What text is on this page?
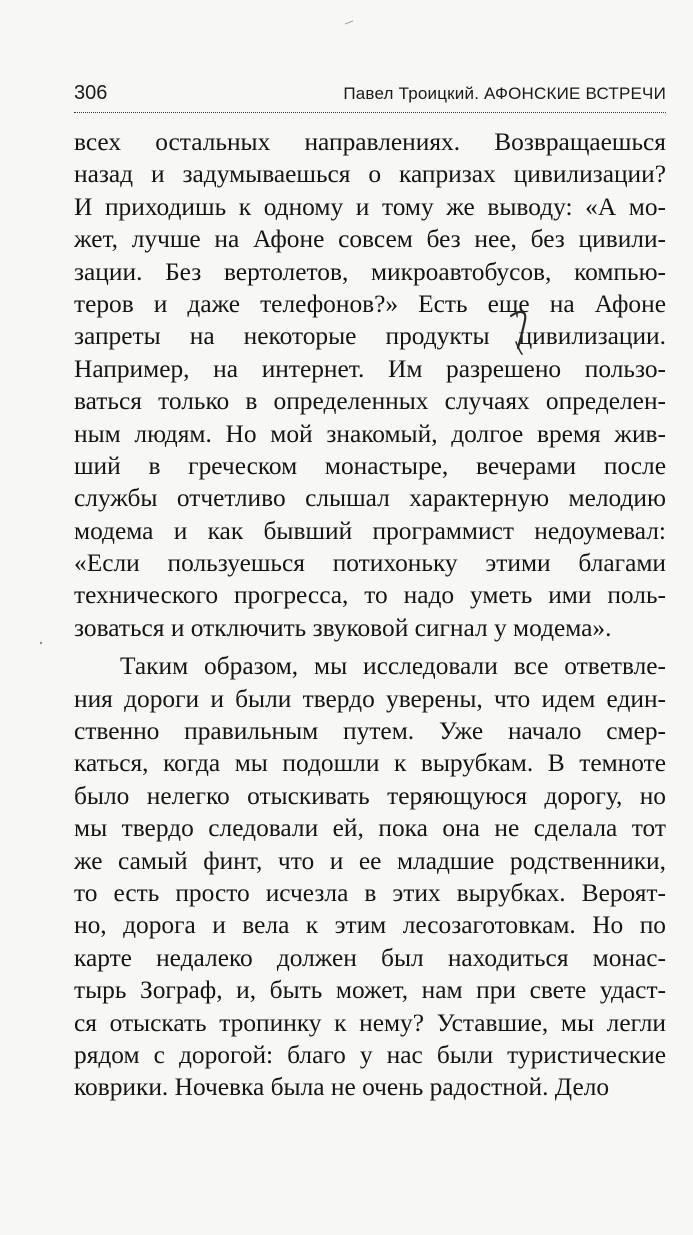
306	Павел Троицкий. АФОНСКИЕ ВСТРЕЧИ
всех остальных направлениях. Возвращаешься
назад и задумываешься о капризах цивилизации?
И приходишь к одному и тому же выводу: «А мо-
жет, лучше на Афоне совсем без нее, без цивили-
зации. Без вертолетов, микроавтобусов, компью-
теров и даже телефонов?» Есть еще на Афоне
запреты на некоторые продукты цивилизации.
Например, на интернет. Им разрешено пользо-
ваться только в определенных случаях определен-
ным людям. Но мой знакомый, долгое время жив-
ший в греческом монастыре, вечерами после
службы отчетливо слышал характерную мелодию
модема и как бывший программист недоумевал:
«Если пользуешься потихоньку этими благами
технического прогресса, то надо уметь ими поль-
зоваться и отключить звуковой сигнал у модема».
Таким образом, мы исследовали все ответвле-
ния дороги и были твердо уверены, что идем един-
ственно правильным путем. Уже начало смер-
каться, когда мы подошли к вырубкам. В темноте
было нелегко отыскивать теряющуюся дорогу, но
мы твердо следовали ей, пока она не сделала тот
же самый финт, что и ее младшие родственники,
то есть просто исчезла в этих вырубках. Вероят-
но, дорога и вела к этим лесозаготовкам. Но по
карте недалеко должен был находиться монас-
тырь Зограф, и, быть может, нам при свете удаст-
ся отыскать тропинку к нему? Уставшие, мы легли
рядом с дорогой: благо у нас были туристические
коврики. Ночевка была не очень радостной. Дело
